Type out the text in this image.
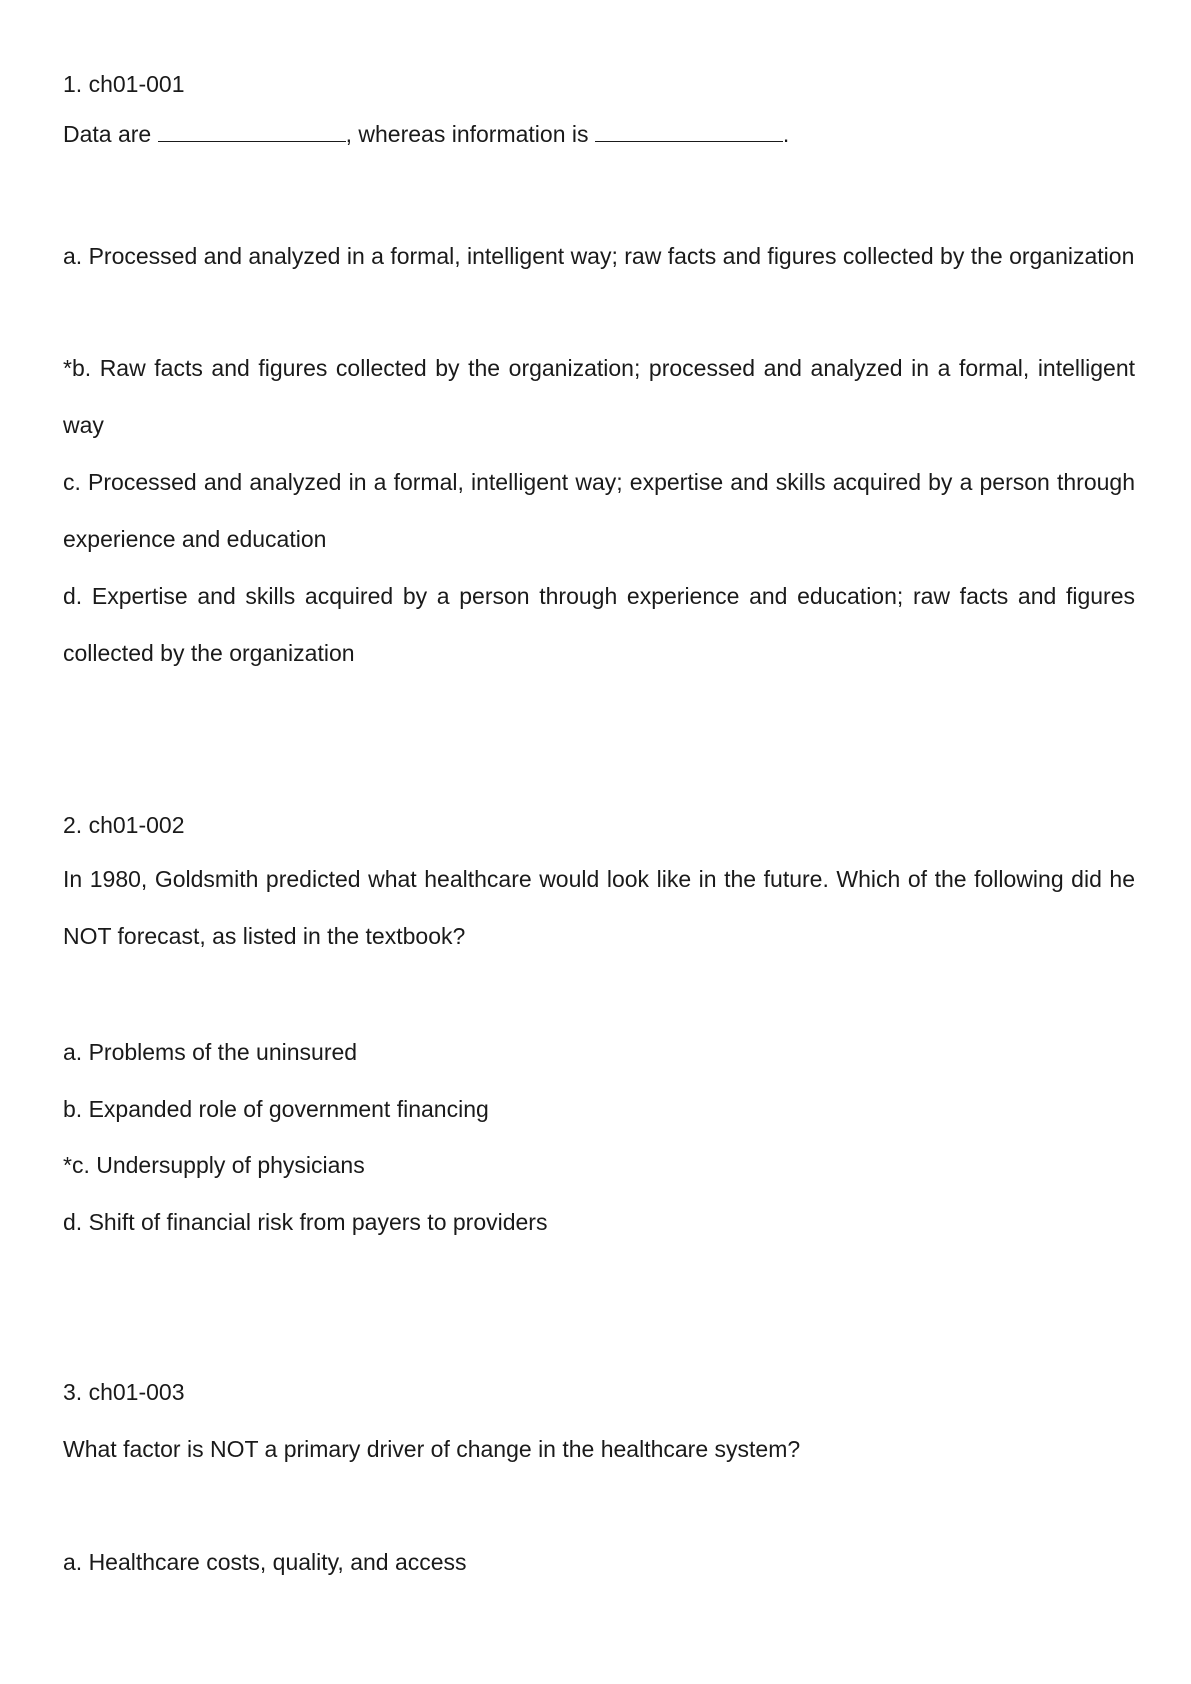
1. ch01-001
Data are	, whereas information is	.
a. Processed and analyzed in a formal, intelligent way; raw facts and figures collected by the organization
*b. Raw facts and figures collected by the organization; processed and analyzed in a formal, intelligent way
c. Processed and analyzed in a formal, intelligent way; expertise and skills acquired by a person through experience and education
d. Expertise and skills acquired by a person through experience and education; raw facts and figures collected by the organization
2. ch01-002
In 1980, Goldsmith predicted what healthcare would look like in the future. Which of the following did he NOT forecast, as listed in the textbook?
a. Problems of the uninsured
b. Expanded role of government financing
*c. Undersupply of physicians
d. Shift of financial risk from payers to providers
3. ch01-003
What factor is NOT a primary driver of change in the healthcare system?
a. Healthcare costs, quality, and access
